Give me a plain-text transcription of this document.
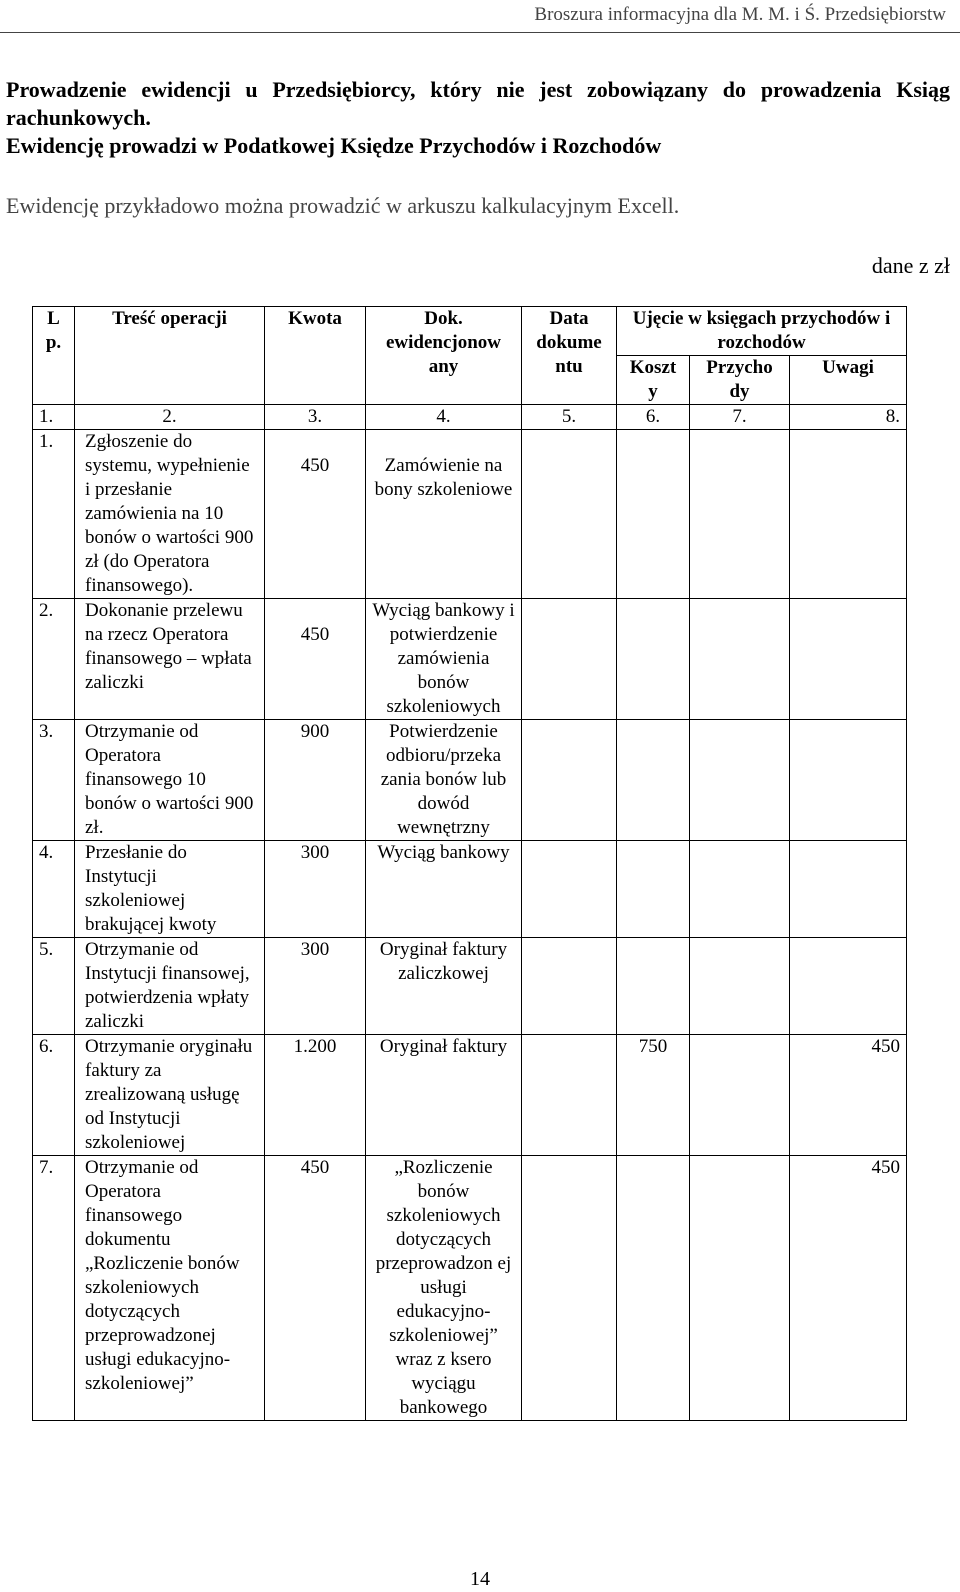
Broszura informacyjna dla M. M. i Ś. Przedsiębiorstw
Prowadzenie ewidencji u Przedsiębiorcy, który nie jest zobowiązany do prowadzenia Ksiąg rachunkowych.
Ewidencję prowadzi w Podatkowej Księdze Przychodów i Rozchodów
Ewidencję przykładowo można prowadzić w arkuszu kalkulacyjnym Excell.
dane z zł
L p.	Treść operacji	Kwota	Dok. ewidencjonow any	Data dokume ntu	Ujęcie w księgach przychodów i rozchodów		
					Koszt y	Przycho dy	Uwagi
1.	2.	3.	4.	5.	6.	7.	8.
1.	Zgłoszenie do systemu, wypełnienie i przesłanie zamówienia na 10 bonów o wartości 900 zł (do Operatora finansowego).	450	Zamówienie na bony szkoleniowe				
2.	Dokonanie przelewu na rzecz Operatora finansowego – wpłata zaliczki	450	Wyciąg bankowy i potwierdzenie zamówienia bonów szkoleniowych				
3.	Otrzymanie od Operatora finansowego 10 bonów o wartości 900 zł.	900	Potwierdzenie odbioru/przeka zania bonów lub dowód wewnętrzny				
4.	Przesłanie do Instytucji szkoleniowej brakującej kwoty	300	Wyciąg bankowy				
5.	Otrzymanie od Instytucji finansowej, potwierdzenia wpłaty zaliczki	300	Oryginał faktury zaliczkowej				
6.	Otrzymanie oryginału faktury za zrealizowaną usługę od Instytucji szkoleniowej	1.200	Oryginał faktury		750		450
7.	Otrzymanie od Operatora finansowego dokumentu „Rozliczenie bonów szkoleniowych dotyczących przeprowadzonej usługi edukacyjno-szkoleniowej”	450	„Rozliczenie bonów szkoleniowych dotyczących przeprowadzon ej usługi edukacyjno-szkoleniowej” wraz z ksero wyciągu bankowego				450
14
